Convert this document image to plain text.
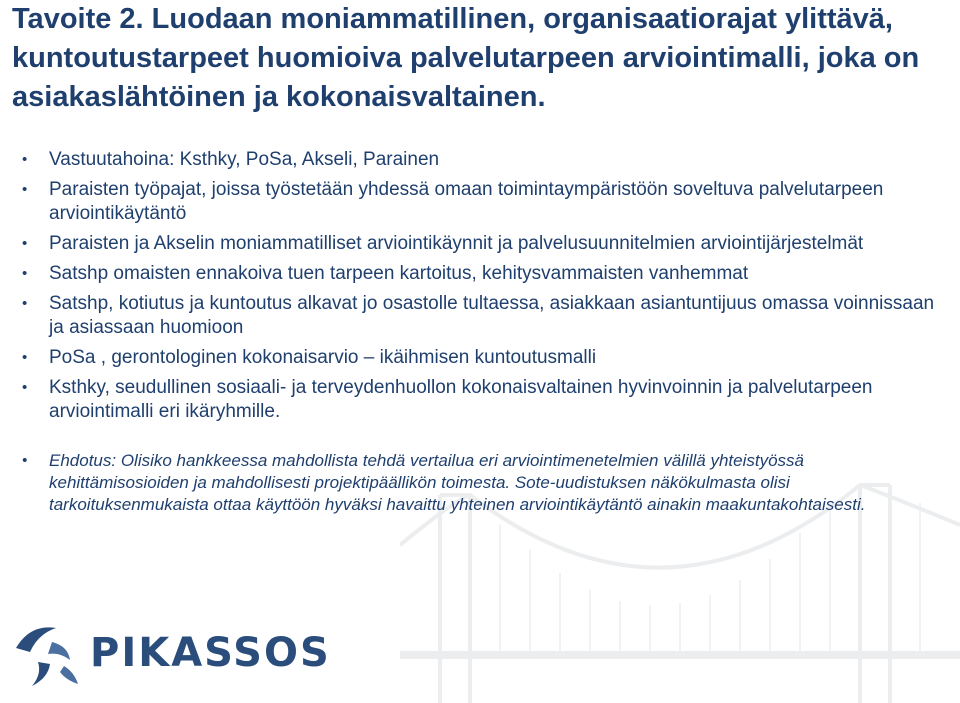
Tavoite 2. Luodaan moniammatillinen, organisaatiorajat ylittävä, kuntoutustarpeet huomioiva palvelutarpeen arviointimalli, joka on asiakaslähtöinen ja kokonaisvaltainen.
• Vastuutahoina: Ksthky, PoSa, Akseli, Parainen
• Paraisten työpajat, joissa työstetään yhdessä omaan toimintaympäristöön soveltuva palvelutarpeen arviointikäytäntö
• Paraisten ja Akselin moniammatilliset arviointikäynnit ja palvelusuunnitelmien arviointijärjestelmät
• Satshp omaisten ennakoiva tuen tarpeen kartoitus, kehitysvammaisten vanhemmat
• Satshp, kotiutus ja kuntoutus alkavat jo osastolle tultaessa, asiakkaan asiantuntijuus omassa voinnissaan ja asiassaan huomioon
• PoSa , gerontologinen kokonaisarvio – ikäihmisen kuntoutusmalli
• Ksthky, seudullinen sosiaali- ja terveydenhuollon kokonaisvaltainen hyvinvoinnin ja palvelutarpeen arviointimalli eri ikäryhmille.
• Ehdotus: Olisiko hankkeessa mahdollista tehdä vertailua eri arviointimenetelmien välillä yhteistyössä kehittämisosioiden ja mahdollisesti projektipäällikön toimesta. Sote-uudistuksen näkökulmasta olisi tarkoituksenmukaista ottaa käyttöön hyväksi havaittu yhteinen arviointikäytäntö ainakin maakuntakohtaisesti.
PIKASSOS
